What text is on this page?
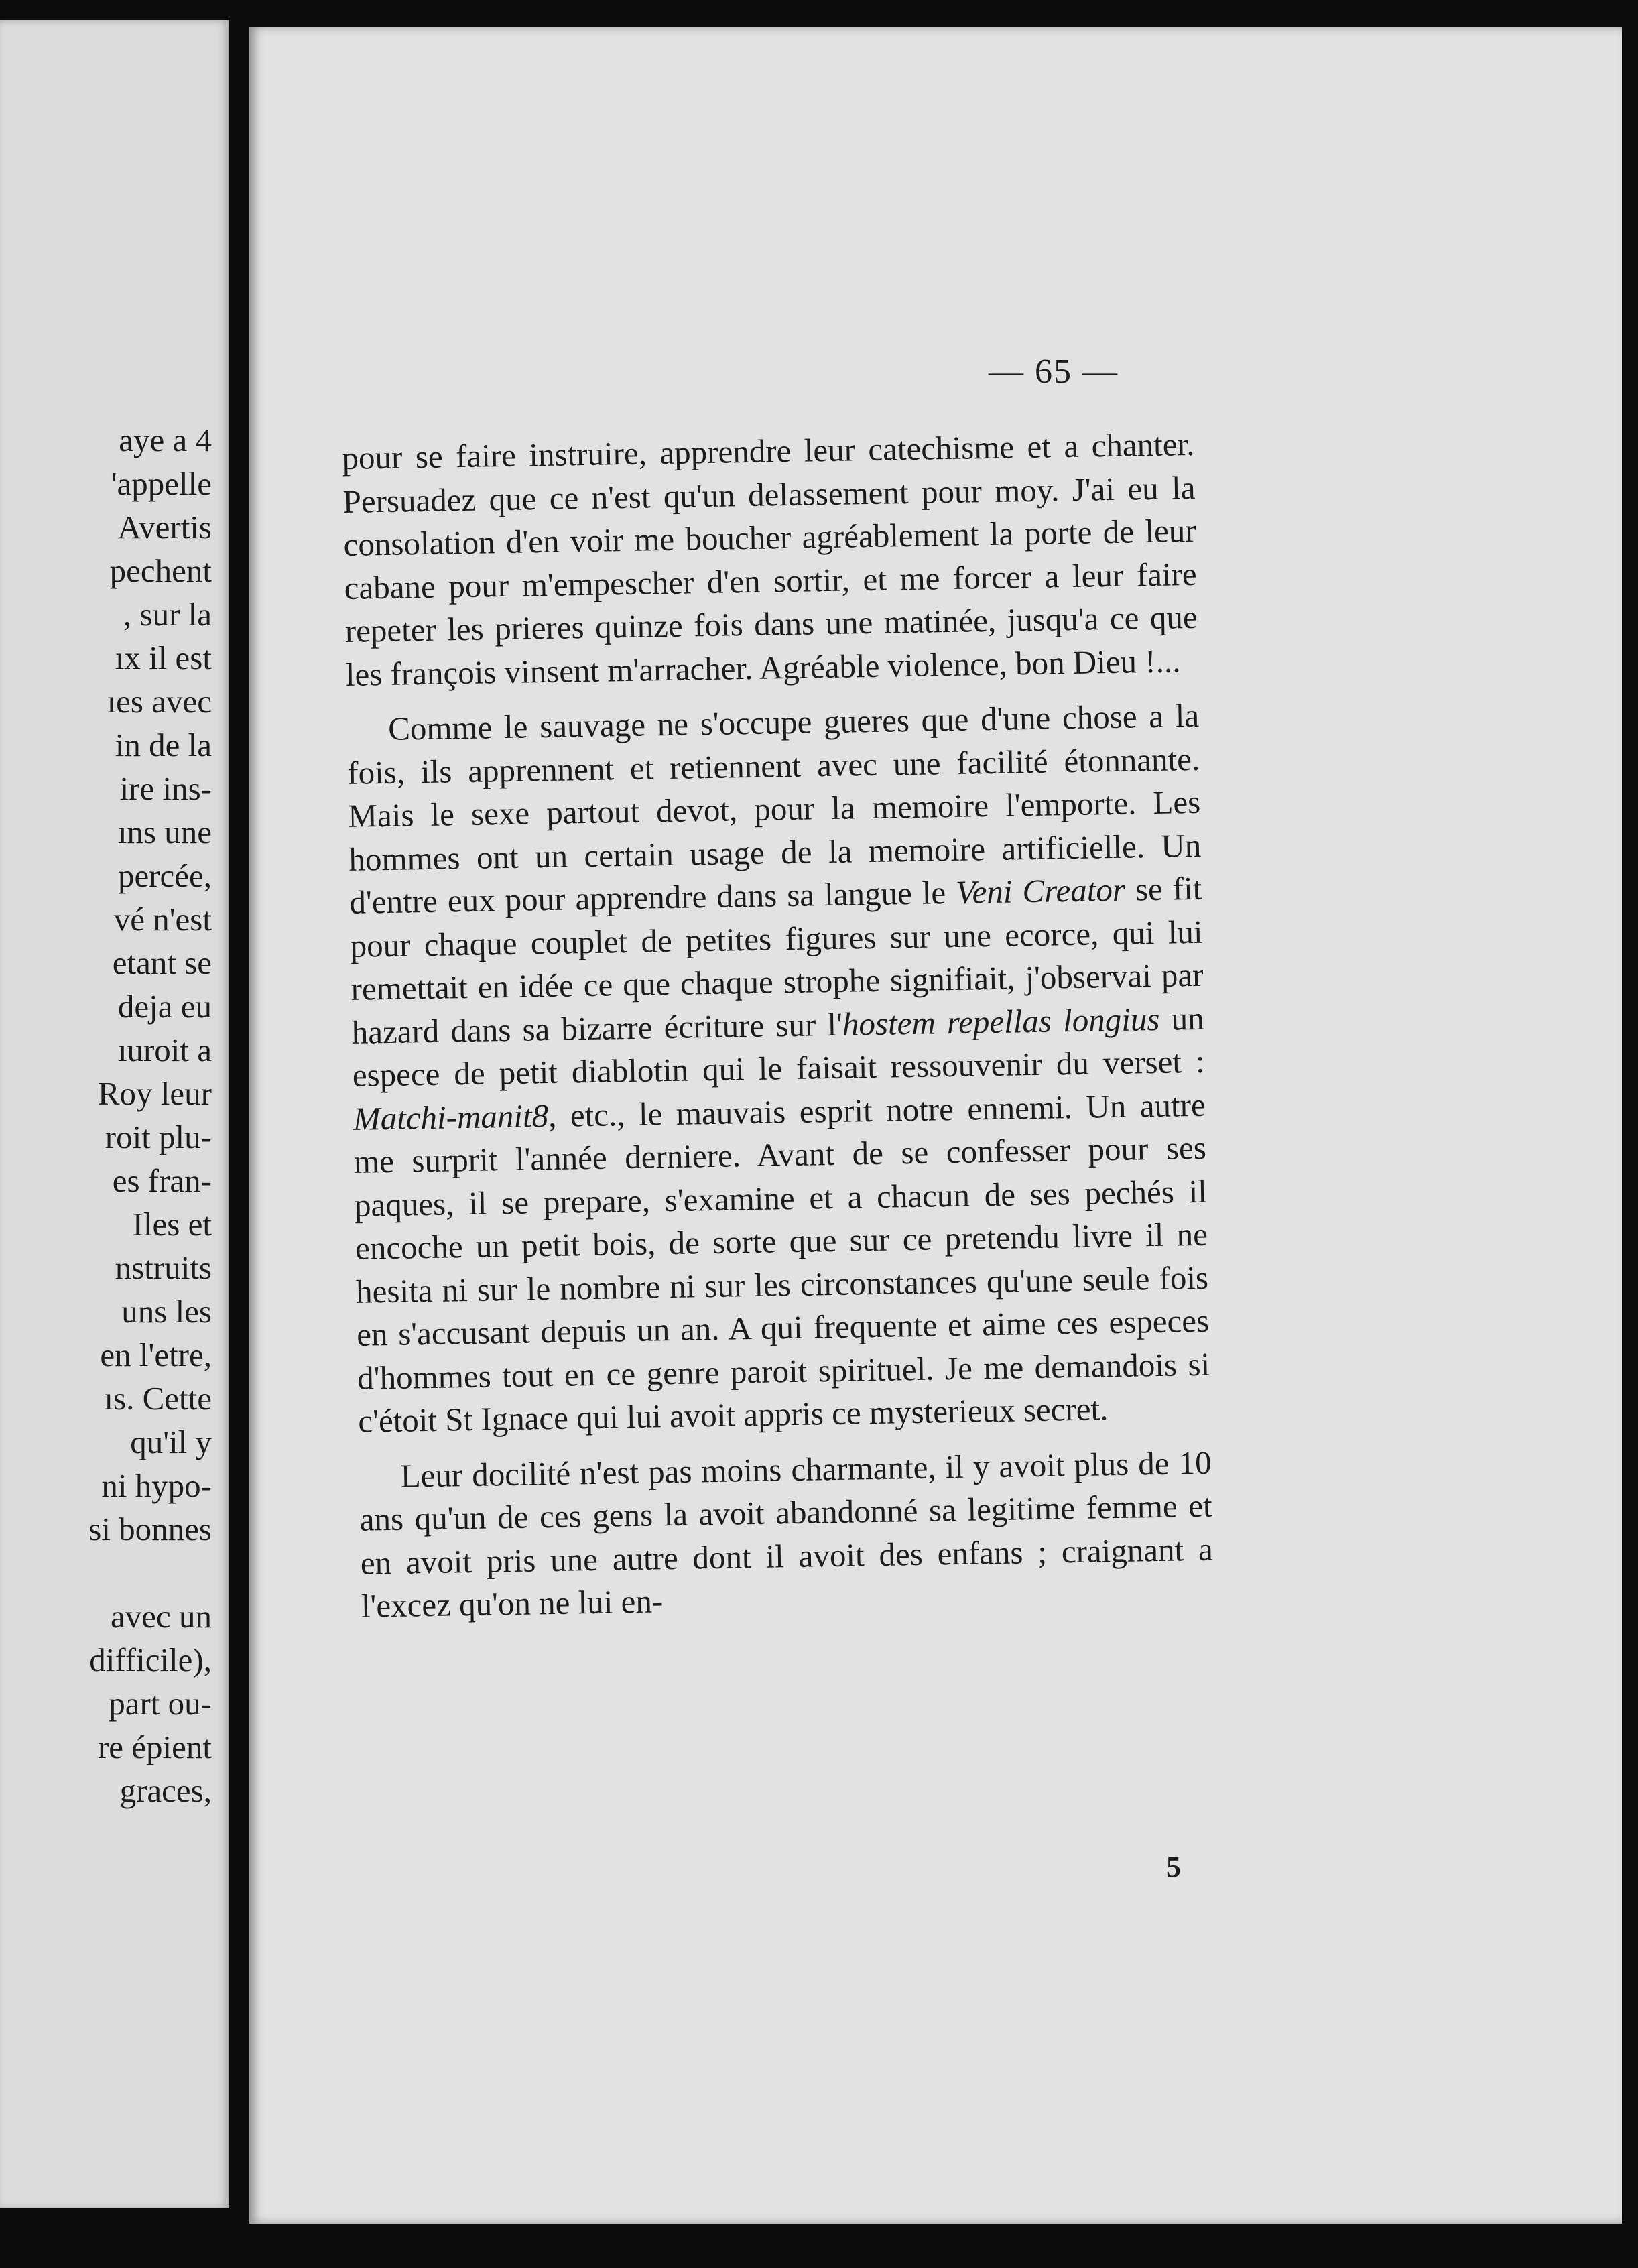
aye a 4
'appelle
Avertis
pechent
, sur la
ıx il est
ıes avec
in de la
ire ins-
ıns une
percée,
vé n'est
etant se
deja eu
ıuroit a
Roy leur
roit plu-
es fran-
Iles et
nstruits
uns les
en l'etre,
ıs. Cette
qu'il y
ni hypo-
si bonnes
avec un
difficile),
part ou-
re épient
graces,
— 65 —

pour se faire instruire, apprendre leur catechisme et a chanter. Persuadez que ce n'est qu'un delassement pour moy. J'ai eu la consolation d'en voir me boucher agréablement la porte de leur cabane pour m'empescher d'en sortir, et me forcer a leur faire repeter les prieres quinze fois dans une matinée, jusqu'a ce que les françois vinsent m'arracher. Agréable violence, bon Dieu !...

Comme le sauvage ne s'occupe gueres que d'une chose a la fois, ils apprennent et retiennent avec une facilité étonnante. Mais le sexe partout devot, pour la memoire l'emporte. Les hommes ont un certain usage de la memoire artificielle. Un d'entre eux pour apprendre dans sa langue le Veni Creator se fit pour chaque couplet de petites figures sur une ecorce, qui lui remettait en idée ce que chaque strophe signifiait, j'observai par hazard dans sa bizarre écriture sur l'hostem repellas longius un espece de petit diablotin qui le faisait ressouvenir du verset : Matchi-manit8, etc., le mauvais esprit notre ennemi. Un autre me surprit l'année derniere. Avant de se confesser pour ses paques, il se prepare, s'examine et a chacun de ses pechés il encoche un petit bois, de sorte que sur ce pretendu livre il ne hesita ni sur le nombre ni sur les circonstances qu'une seule fois en s'accusant depuis un an. A qui frequente et aime ces especes d'hommes tout en ce genre paroit spirituel. Je me demandois si c'étoit St Ignace qui lui avoit appris ce mysterieux secret.

Leur docilité n'est pas moins charmante, il y avoit plus de 10 ans qu'un de ces gens la avoit abandonné sa legitime femme et en avoit pris une autre dont il avoit des enfans ; craignant a l'excez qu'on ne lui en-

5
